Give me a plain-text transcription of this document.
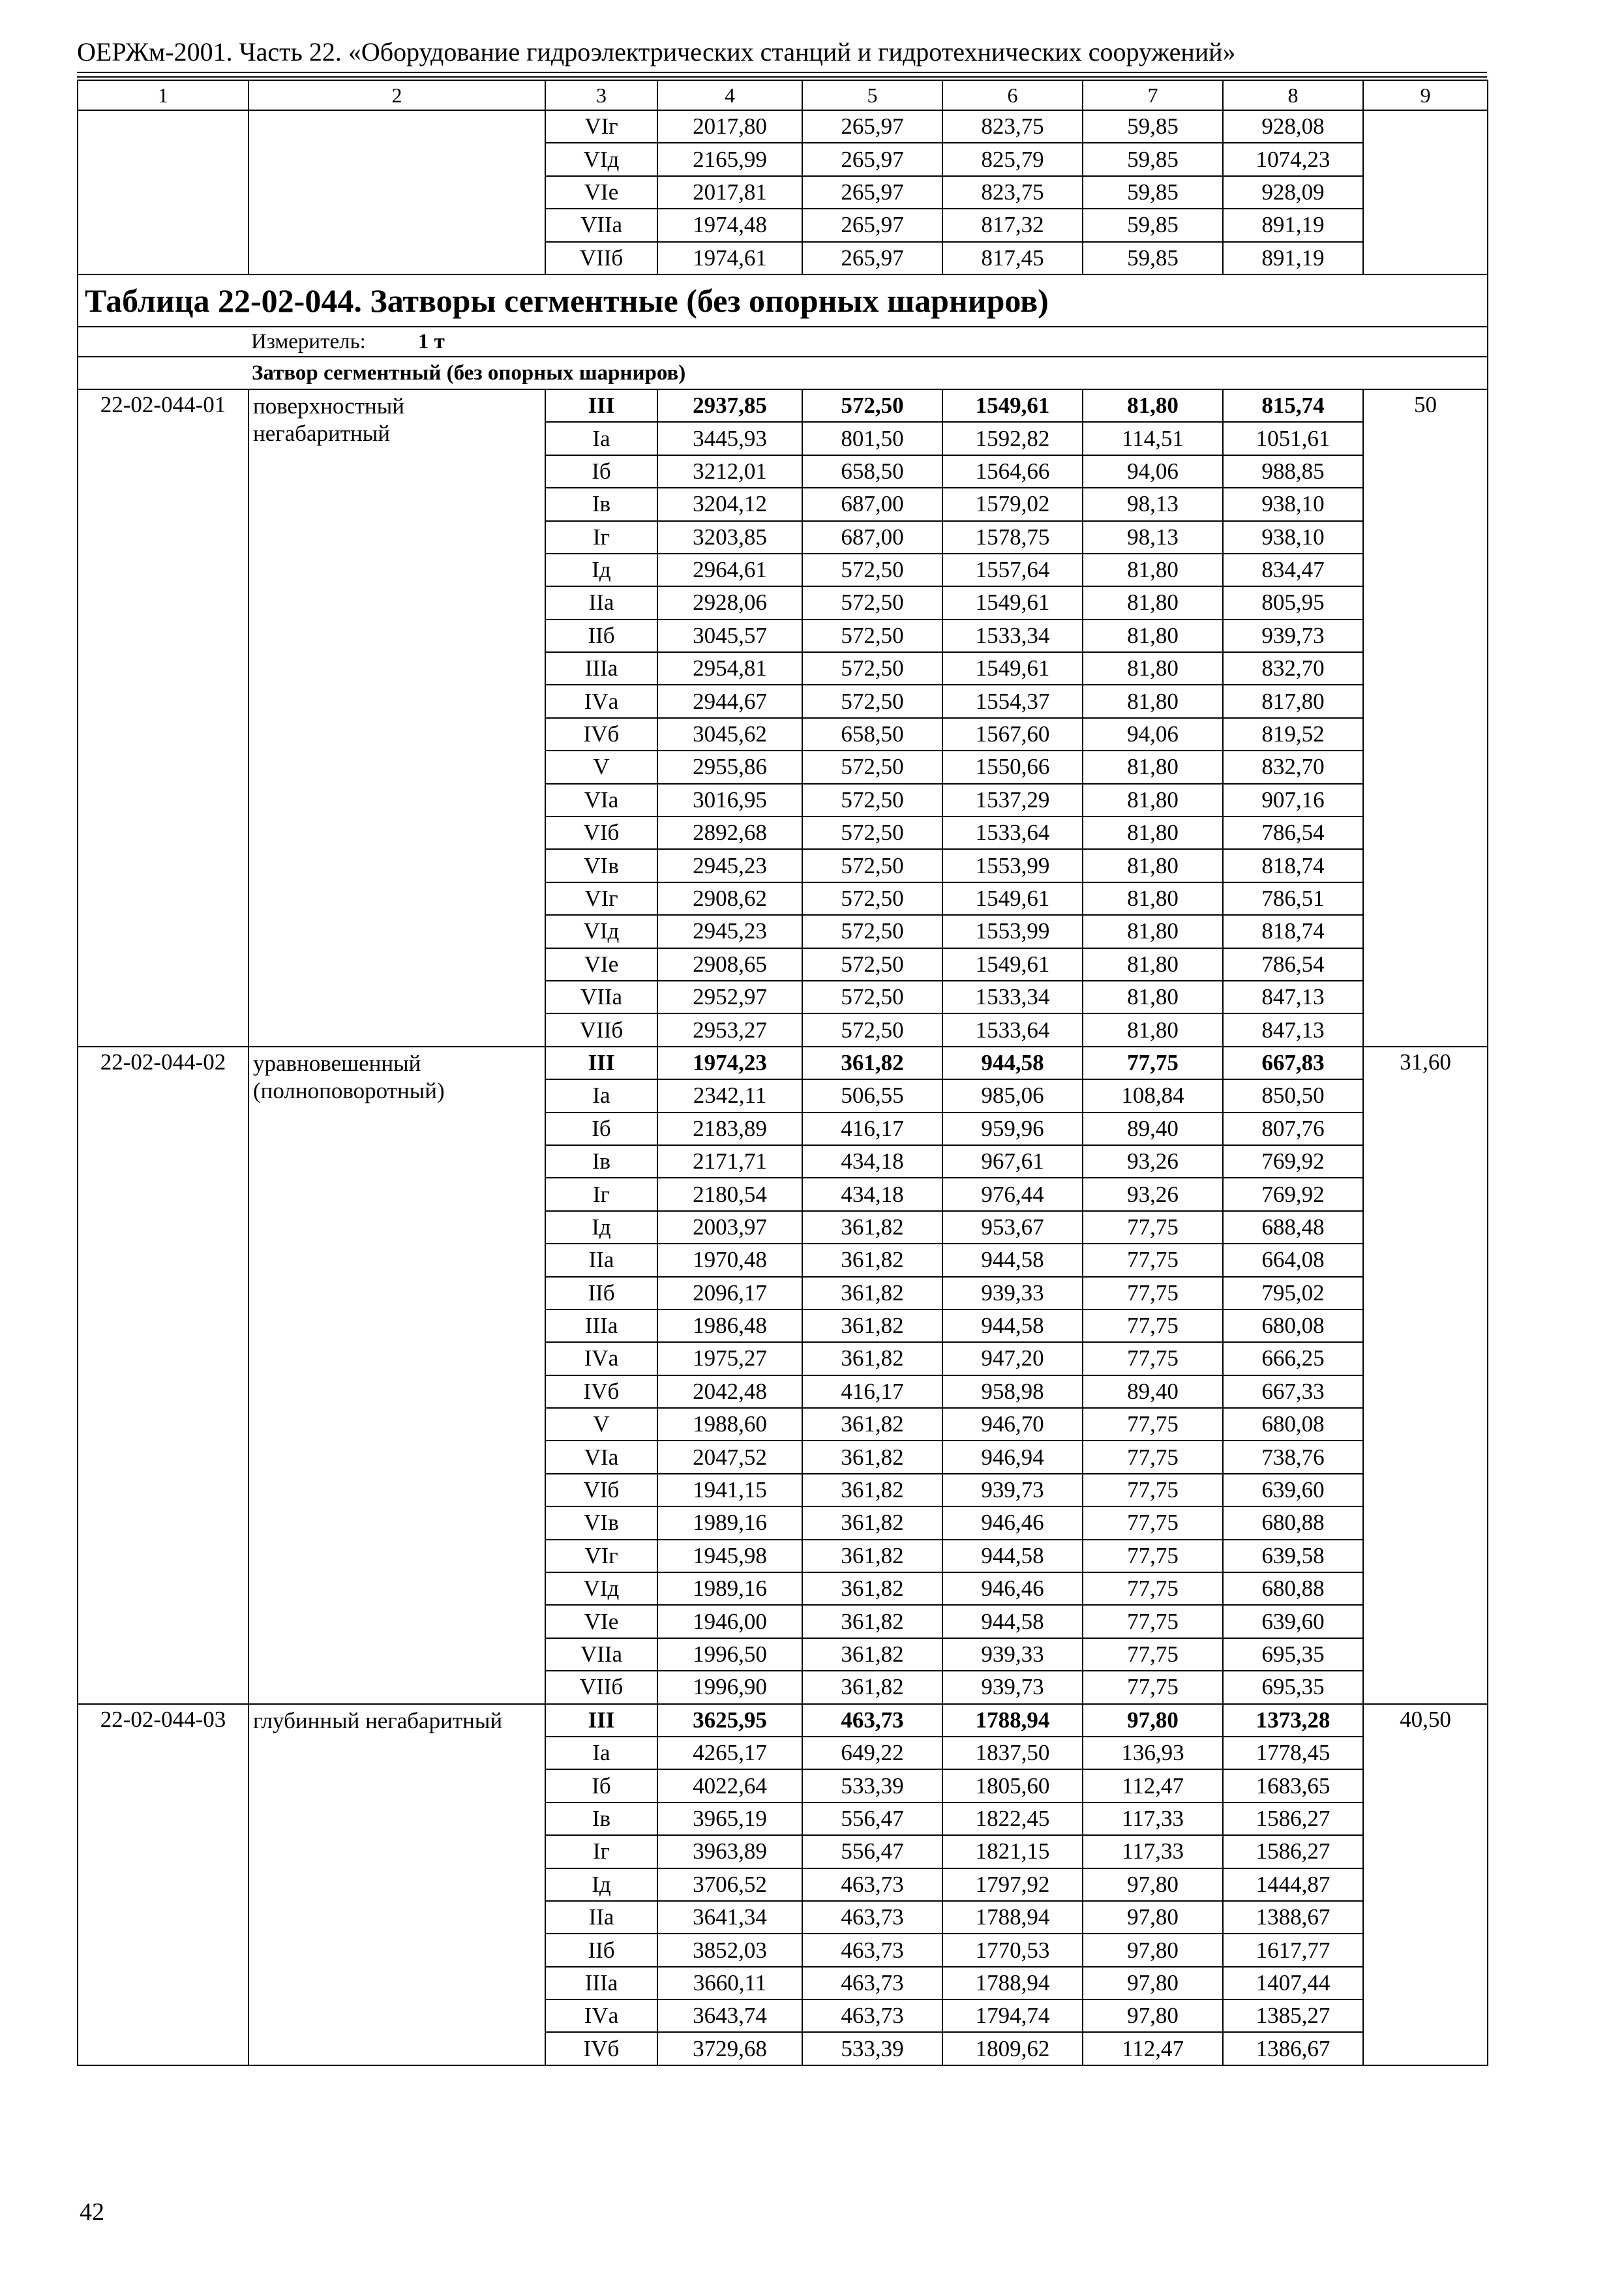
ОЕРЖм-2001. Часть 22. «Оборудование гидроэлектрических станций и гидротехнических сооружений»
1	2	3	4	5	6	7	8	9
		VIг	2017,80	265,97	823,75	59,85	928,08	
		VIд	2165,99	265,97	825,79	59,85	1074,23	
		VIе	2017,81	265,97	823,75	59,85	928,09	
		VIIа	1974,48	265,97	817,32	59,85	891,19	
		VIIб	1974,61	265,97	817,45	59,85	891,19	
Таблица 22-02-044. Затворы сегментные (без опорных шарниров)								
Измеритель: 1 т								
Затвор сегментный (без опорных шарниров)								
22-02-044-01	поверхностный негабаритный	III	2937,85	572,50	1549,61	81,80	815,74	50
		Iа	3445,93	801,50	1592,82	114,51	1051,61	
		Iб	3212,01	658,50	1564,66	94,06	988,85	
		Iв	3204,12	687,00	1579,02	98,13	938,10	
		Iг	3203,85	687,00	1578,75	98,13	938,10	
		Iд	2964,61	572,50	1557,64	81,80	834,47	
		IIа	2928,06	572,50	1549,61	81,80	805,95	
		IIб	3045,57	572,50	1533,34	81,80	939,73	
		IIIа	2954,81	572,50	1549,61	81,80	832,70	
		IVа	2944,67	572,50	1554,37	81,80	817,80	
		IVб	3045,62	658,50	1567,60	94,06	819,52	
		V	2955,86	572,50	1550,66	81,80	832,70	
		VIа	3016,95	572,50	1537,29	81,80	907,16	
		VIб	2892,68	572,50	1533,64	81,80	786,54	
		VIв	2945,23	572,50	1553,99	81,80	818,74	
		VIг	2908,62	572,50	1549,61	81,80	786,51	
		VIд	2945,23	572,50	1553,99	81,80	818,74	
		VIе	2908,65	572,50	1549,61	81,80	786,54	
		VIIа	2952,97	572,50	1533,34	81,80	847,13	
		VIIб	2953,27	572,50	1533,64	81,80	847,13	
22-02-044-02	уравновешенный (полноповоротный)	III	1974,23	361,82	944,58	77,75	667,83	31,60
		Iа	2342,11	506,55	985,06	108,84	850,50	
		Iб	2183,89	416,17	959,96	89,40	807,76	
		Iв	2171,71	434,18	967,61	93,26	769,92	
		Iг	2180,54	434,18	976,44	93,26	769,92	
		Iд	2003,97	361,82	953,67	77,75	688,48	
		IIа	1970,48	361,82	944,58	77,75	664,08	
		IIб	2096,17	361,82	939,33	77,75	795,02	
		IIIа	1986,48	361,82	944,58	77,75	680,08	
		IVа	1975,27	361,82	947,20	77,75	666,25	
		IVб	2042,48	416,17	958,98	89,40	667,33	
		V	1988,60	361,82	946,70	77,75	680,08	
		VIа	2047,52	361,82	946,94	77,75	738,76	
		VIб	1941,15	361,82	939,73	77,75	639,60	
		VIв	1989,16	361,82	946,46	77,75	680,88	
		VIг	1945,98	361,82	944,58	77,75	639,58	
		VIд	1989,16	361,82	946,46	77,75	680,88	
		VIе	1946,00	361,82	944,58	77,75	639,60	
		VIIа	1996,50	361,82	939,33	77,75	695,35	
		VIIб	1996,90	361,82	939,73	77,75	695,35	
22-02-044-03	глубинный негабаритный	III	3625,95	463,73	1788,94	97,80	1373,28	40,50
		Iа	4265,17	649,22	1837,50	136,93	1778,45	
		Iб	4022,64	533,39	1805,60	112,47	1683,65	
		Iв	3965,19	556,47	1822,45	117,33	1586,27	
		Iг	3963,89	556,47	1821,15	117,33	1586,27	
		Iд	3706,52	463,73	1797,92	97,80	1444,87	
		IIа	3641,34	463,73	1788,94	97,80	1388,67	
		IIб	3852,03	463,73	1770,53	97,80	1617,77	
		IIIа	3660,11	463,73	1788,94	97,80	1407,44	
		IVа	3643,74	463,73	1794,74	97,80	1385,27	
		IVб	3729,68	533,39	1809,62	112,47	1386,67	
42
